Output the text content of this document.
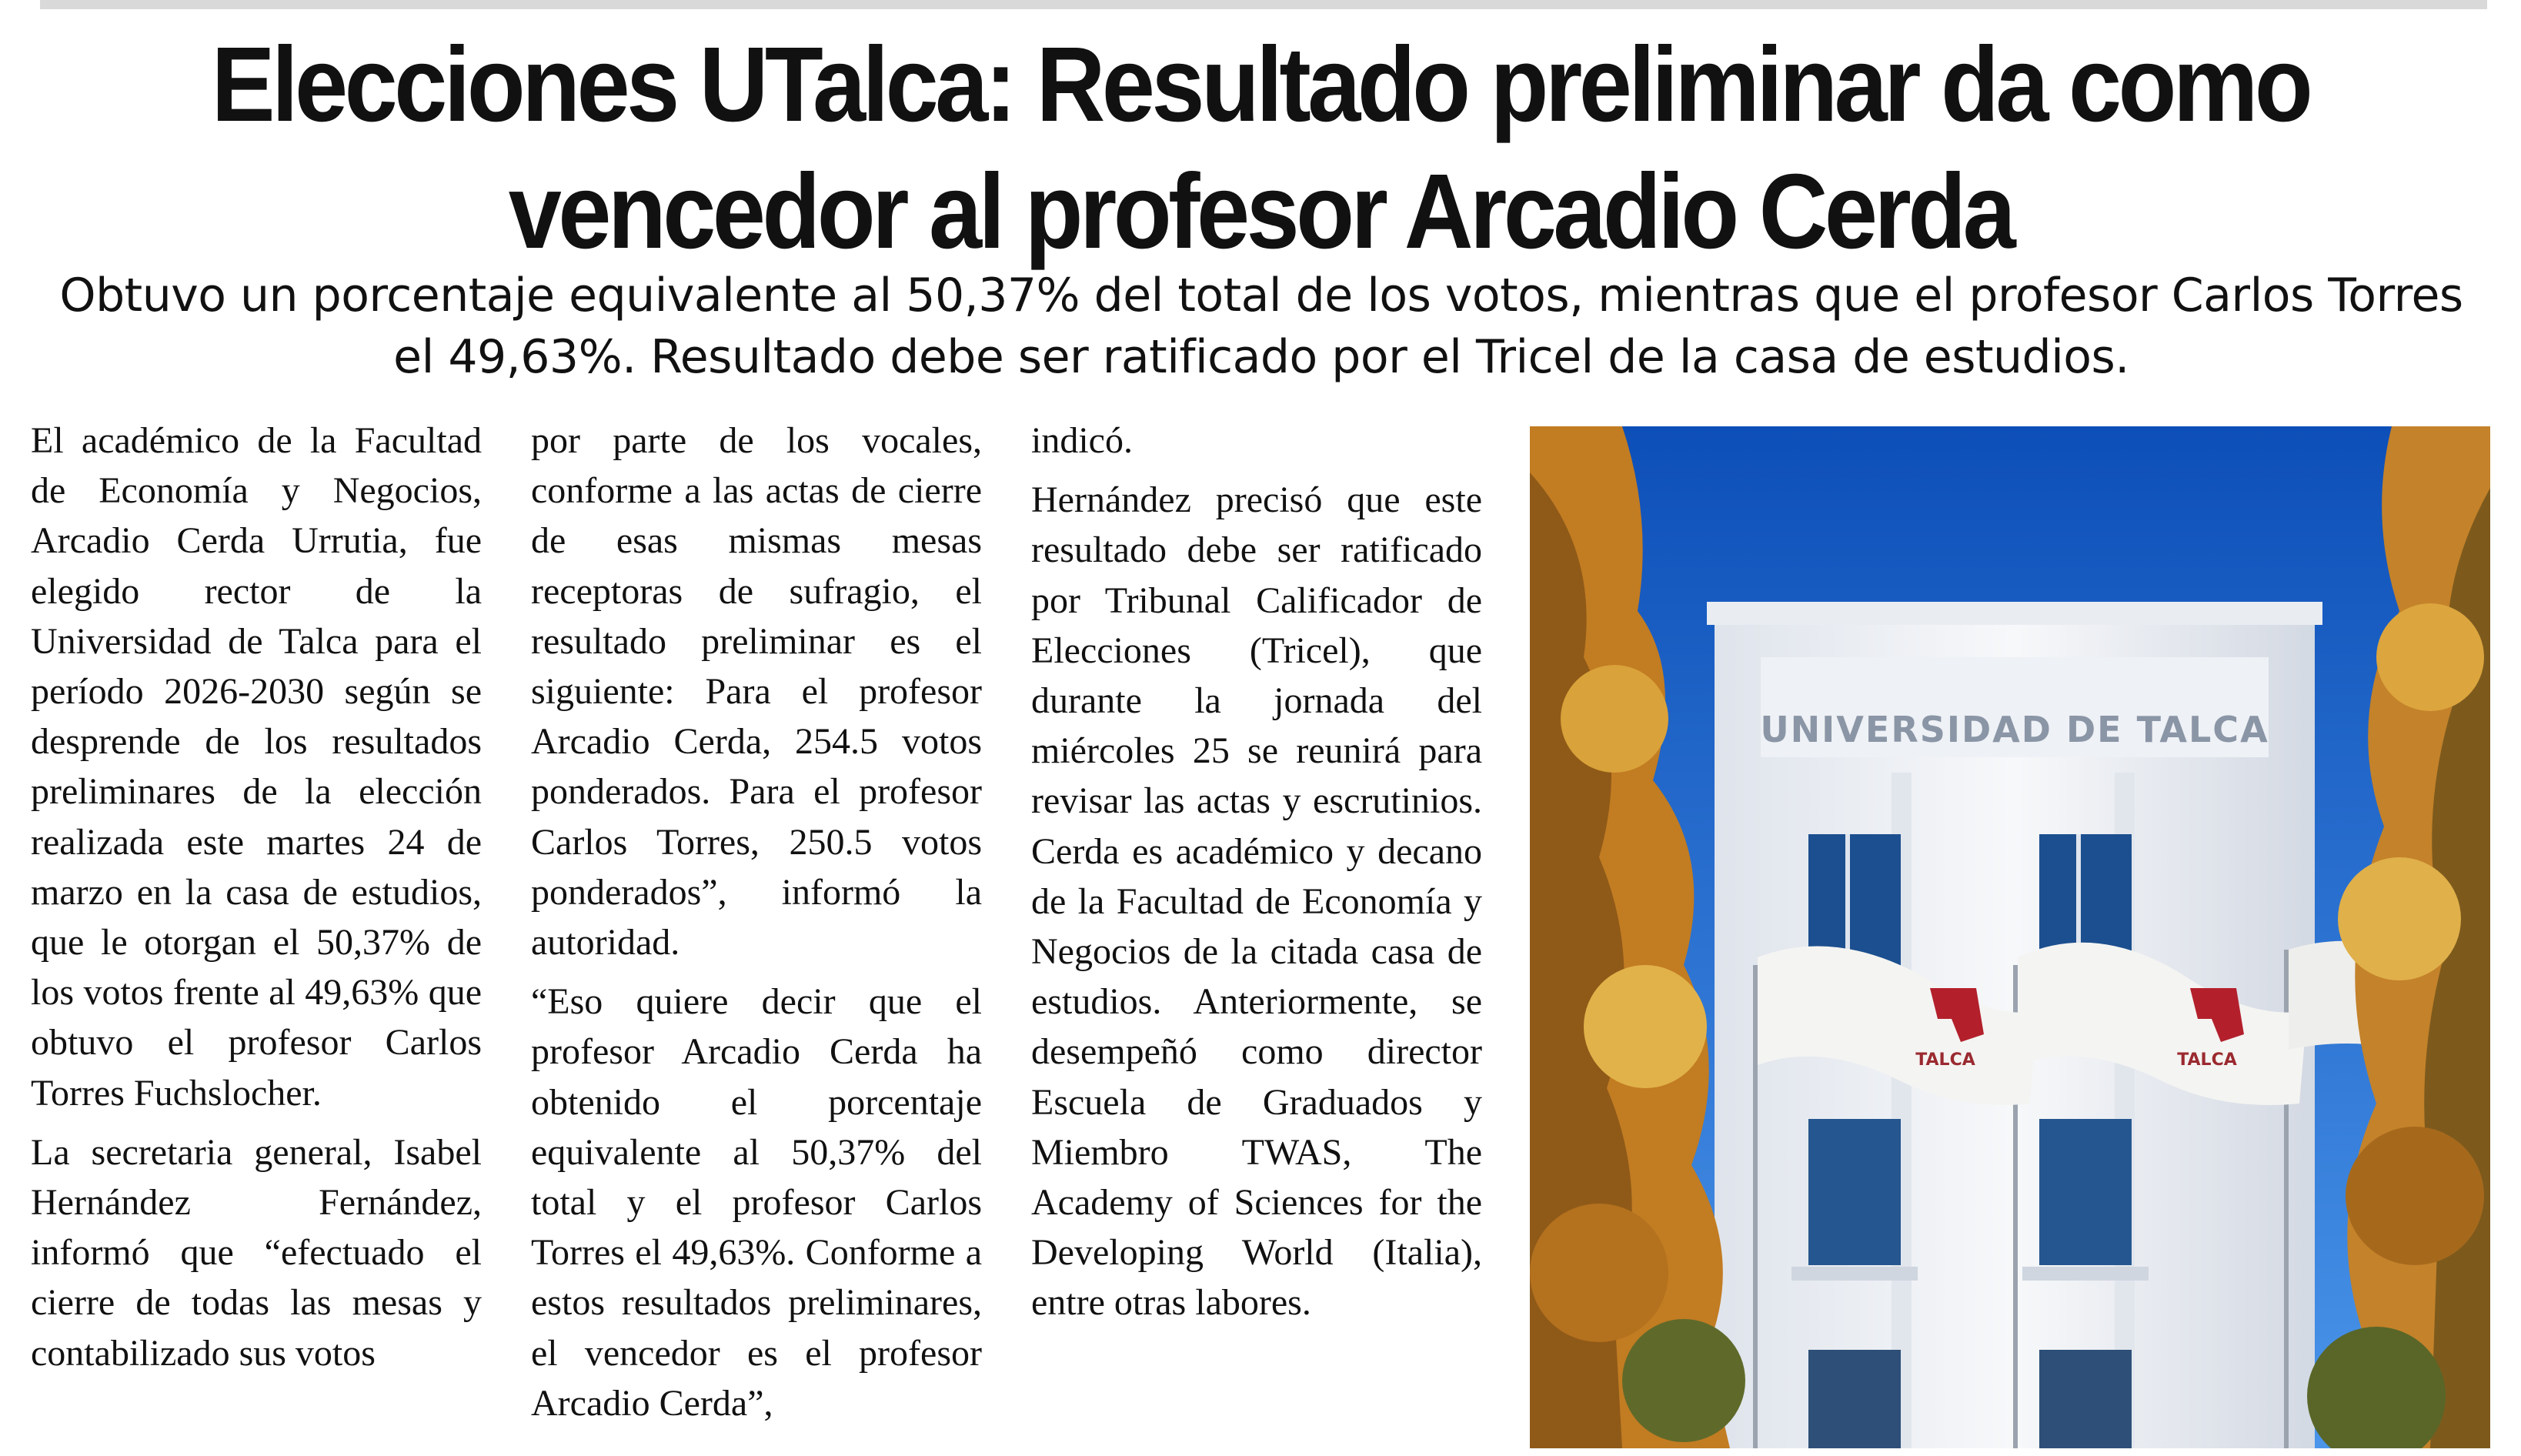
Elecciones UTalca: Resultado preliminar da como vencedor al profesor Arcadio Cerda
Obtuvo un porcentaje equivalente al 50,37% del total de los votos, mientras que el profesor Carlos Torres el 49,63%. Resultado debe ser ratificado por el Tricel de la casa de estudios.

El académico de la Facultad de Economía y Negocios, Arcadio Cerda Urrutia, fue elegido rector de la Universidad de Talca para el período 2026-2030 según se desprende de los resultados preliminares de la elección realizada este martes 24 de marzo en la casa de estudios, que le otorgan el 50,37% de los votos frente al 49,63% que obtuvo el profesor Carlos Torres Fuchslocher.

La secretaria general, Isabel Hernández Fernández, informó que “efectuado el cierre de todas las mesas y contabilizado sus votos

por parte de los vocales, conforme a las actas de cierre de esas mismas mesas receptoras de sufragio, el resultado preliminar es el siguiente: Para el profesor Arcadio Cerda, 254.5 votos ponderados. Para el profesor Carlos Torres, 250.5 votos ponderados”, informó la autoridad.

“Eso quiere decir que el profesor Arcadio Cerda ha obtenido el porcentaje equivalente al 50,37% del total y el profesor Carlos Torres el 49,63%. Conforme a estos resultados preliminares, el vencedor es el profesor Arcadio Cerda”,

indicó.

Hernández precisó que este resultado debe ser ratificado por Tribunal Calificador de Elecciones (Tricel), que durante la jornada del miércoles 25 se reunirá para revisar las actas y escrutinios. Cerda es académico y decano de la Facultad de Economía y Negocios de la citada casa de estudios. Anteriormente, se desempeñó como director Escuela de Graduados y Miembro TWAS, The Academy of Sciences for the Developing World (Italia), entre otras labores.

UNIVERSIDAD DE TALCA
TALCA	TALCA
